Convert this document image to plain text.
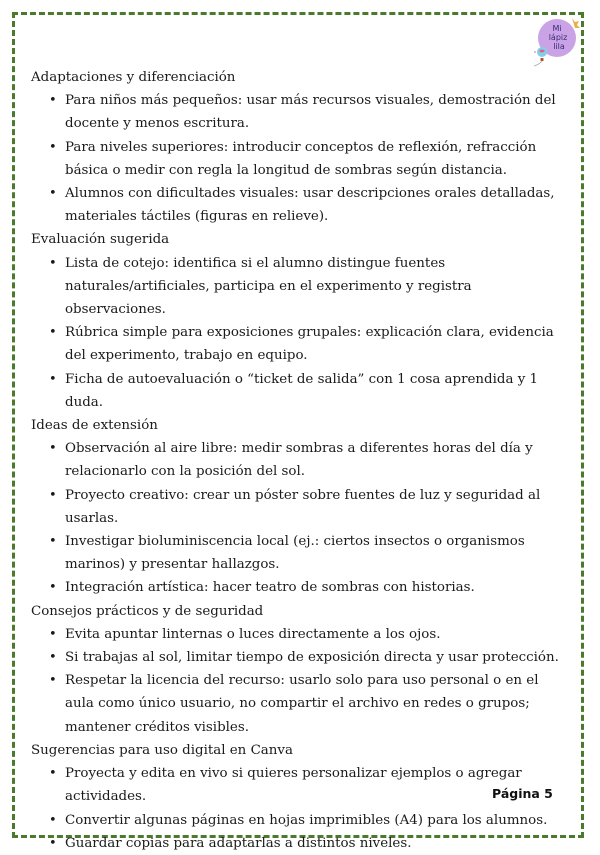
Mi
lápiz
lila
Adaptaciones y diferenciación
• Para niños más pequeños: usar más recursos visuales, demostración del docente y menos escritura.
• Para niveles superiores: introducir conceptos de reflexión, refracción básica o medir con regla la longitud de sombras según distancia.
• Alumnos con dificultades visuales: usar descripciones orales detalladas, materiales táctiles (figuras en relieve).
Evaluación sugerida
• Lista de cotejo: identifica si el alumno distingue fuentes naturales/artificiales, participa en el experimento y registra observaciones.
• Rúbrica simple para exposiciones grupales: explicación clara, evidencia del experimento, trabajo en equipo.
• Ficha de autoevaluación o “ticket de salida” con 1 cosa aprendida y 1 duda.
Ideas de extensión
• Observación al aire libre: medir sombras a diferentes horas del día y relacionarlo con la posición del sol.
• Proyecto creativo: crear un póster sobre fuentes de luz y seguridad al usarlas.
• Investigar bioluminiscencia local (ej.: ciertos insectos o organismos marinos) y presentar hallazgos.
• Integración artística: hacer teatro de sombras con historias.
Consejos prácticos y de seguridad
• Evita apuntar linternas o luces directamente a los ojos.
• Si trabajas al sol, limitar tiempo de exposición directa y usar protección.
• Respetar la licencia del recurso: usarlo solo para uso personal o en el aula como único usuario, no compartir el archivo en redes o grupos; mantener créditos visibles.
Sugerencias para uso digital en Canva
• Proyecta y edita en vivo si quieres personalizar ejemplos o agregar actividades.
• Convertir algunas páginas en hojas imprimibles (A4) para los alumnos.
• Guardar copias para adaptarlas a distintos niveles.
Página 5
